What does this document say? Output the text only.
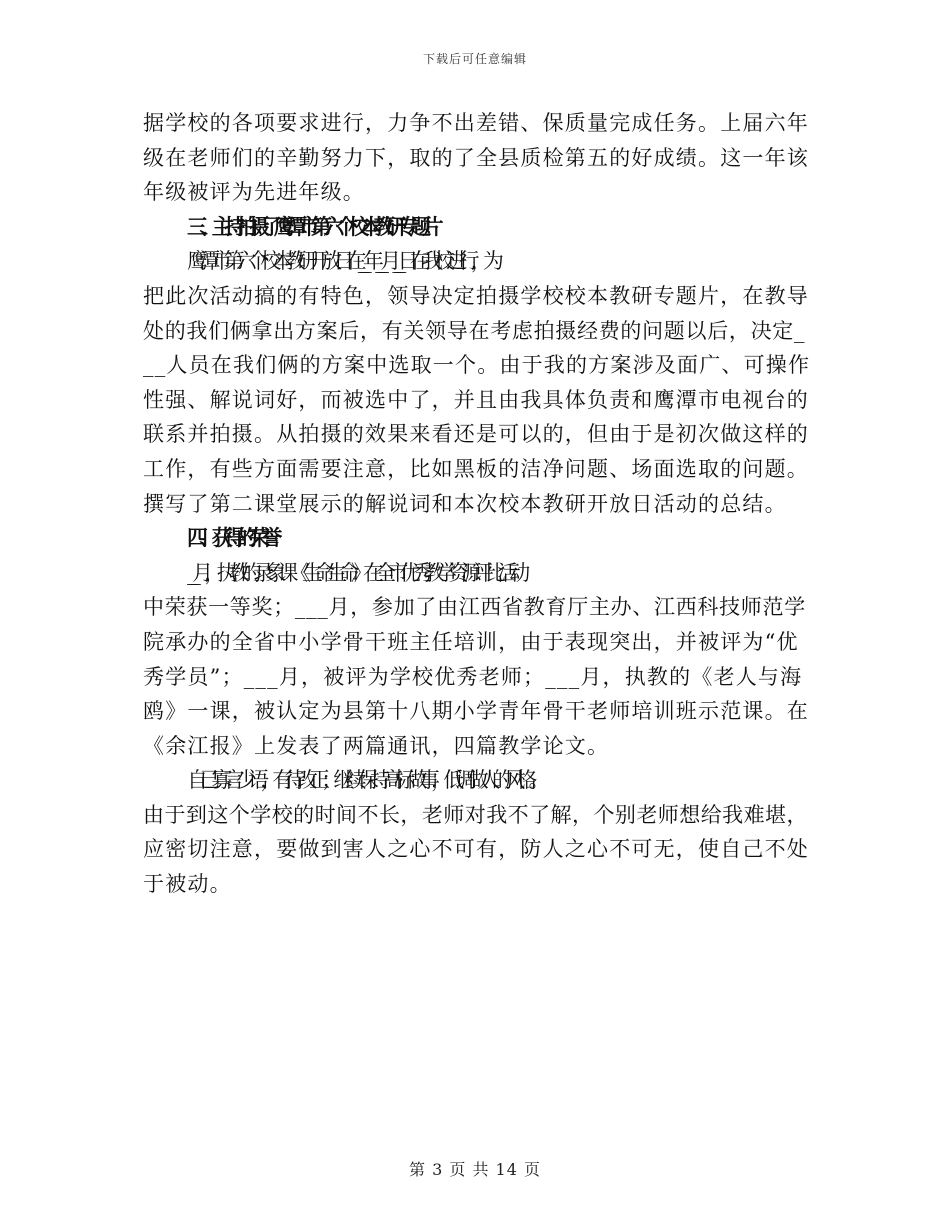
下载后可任意编辑
据学校的各项要求进行，力争不出差错、保质量完成任务。上届六年
级在老师们的辛勤努力下，取的了全县质检第五的好成绩。这一年该
年级被评为先进年级。
三、主持拍摄了鹰潭市第六个校本教研专题片
鹰潭市第六个校本教研开放日在___年___月___日在我校进行，为
把此次活动搞的有特色，领导决定拍摄学校校本教研专题片，在教导
处的我们俩拿出方案后，有关领导在考虑拍摄经费的问题以后，决定_
__人员在我们俩的方案中选取一个。由于我的方案涉及面广、可操作
性强、解说词好，而被选中了，并且由我具体负责和鹰潭市电视台的
联系并拍摄。从拍摄的效果来看还是可以的，但由于是初次做这样的
工作，有些方面需要注意，比如黑板的洁净问题、场面选取的问题。
撰写了第二课堂展示的解说词和本次校本教研开放日活动的总结。
四、获得的荣誉
___月，执教的录象课《生命生命》在全市优秀教学资源评比活动
中荣获一等奖；___月，参加了由江西省教育厅主办、江西科技师范学
院承办的全省中小学骨干班主任培训，由于表现突出，并被评为“优
秀学员”；___月，被评为学校优秀老师；___月，执教的《老人与海
鸥》一课，被认定为县第十八期小学青年骨干老师培训班示范课。在
《余江报》上发表了两篇通讯，四篇教学论文。
自己寡言少语，有待改正；继续保持高标做事，低调做人的风格。
由于到这个学校的时间不长，老师对我不了解，个别老师想给我难堪，
应密切注意，要做到害人之心不可有，防人之心不可无，使自己不处
于被动。
第 3 页 共 14 页
